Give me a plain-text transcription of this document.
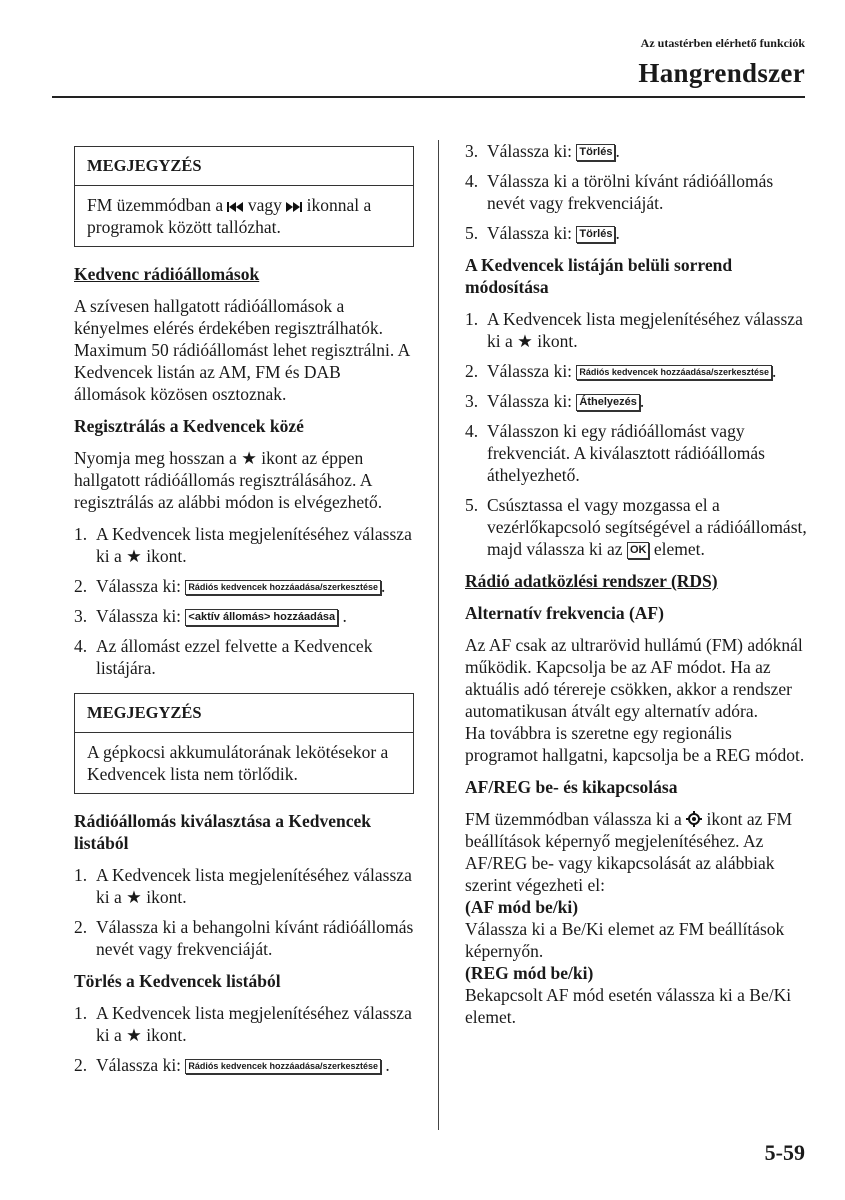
Az utastérben elérhető funkciók
Hangrendszer
MEGJEGYZÉS
FM üzemmódban a vagy ikonnal a programok között tallózhat.
Kedvenc rádióállomások

A szívesen hallgatott rádióállomások a kényelmes elérés érdekében regisztrálhatók. Maximum 50 rádióállomást lehet regisztrálni. A Kedvencek listán az AM, FM és DAB állomások közösen osztoznak.

Regisztrálás a Kedvencek közé

Nyomja meg hosszan a ★ ikont az éppen hallgatott rádióállomás regisztrálásához. A regisztrálás az alábbi módon is elvégezhető.

1. A Kedvencek lista megjelenítéséhez válassza ki a ★ ikont.
2. Válassza ki: Rádiós kedvencek hozzáadása/szerkesztése .
3. Válassza ki: <aktív állomás> hozzáadása .
4. Az állomást ezzel felvette a Kedvencek listájára.
MEGJEGYZÉS
A gépkocsi akkumulátorának lekötésekor a Kedvencek lista nem törlődik.
Rádióállomás kiválasztása a Kedvencek listából
1. A Kedvencek lista megjelenítéséhez válassza ki a ★ ikont.
2. Válassza ki a behangolni kívánt rádióállomás nevét vagy frekvenciáját.
Törlés a Kedvencek listából
1. A Kedvencek lista megjelenítéséhez válassza ki a ★ ikont.
2. Válassza ki: Rádiós kedvencek hozzáadása/szerkesztése .
3. Válassza ki: Törlés .
4. Válassza ki a törölni kívánt rádióállomás nevét vagy frekvenciáját.
5. Válassza ki: Törlés .
A Kedvencek listáján belüli sorrend módosítása
1. A Kedvencek lista megjelenítéséhez válassza ki a ★ ikont.
2. Válassza ki: Rádiós kedvencek hozzáadása/szerkesztése .
3. Válassza ki: Áthelyezés .
4. Válasszon ki egy rádióállomást vagy frekvenciát. A kiválasztott rádióállomás áthelyezhető.
5. Csúsztassa el vagy mozgassa el a vezérlőkapcsoló segítségével a rádióállomást, majd válassza ki az OK elemet.
Rádió adatközlési rendszer (RDS)
Alternatív frekvencia (AF)

Az AF csak az ultrarövid hullámú (FM) adóknál működik. Kapcsolja be az AF módot. Ha az aktuális adó térereje csökken, akkor a rendszer automatikusan átvált egy alternatív adóra.

Ha továbbra is szeretne egy regionális programot hallgatni, kapcsolja be a REG módot.

AF/REG be- és kikapcsolása

FM üzemmódban válassza ki a ikont az FM beállítások képernyő megjelenítéséhez. Az AF/REG be- vagy kikapcsolását az alábbiak szerint végezheti el:

(AF mód be/ki)
Válassza ki a Be/Ki elemet az FM beállítások képernyőn.
(REG mód be/ki)
Bekapcsolt AF mód esetén válassza ki a Be/Ki elemet.
5-59
